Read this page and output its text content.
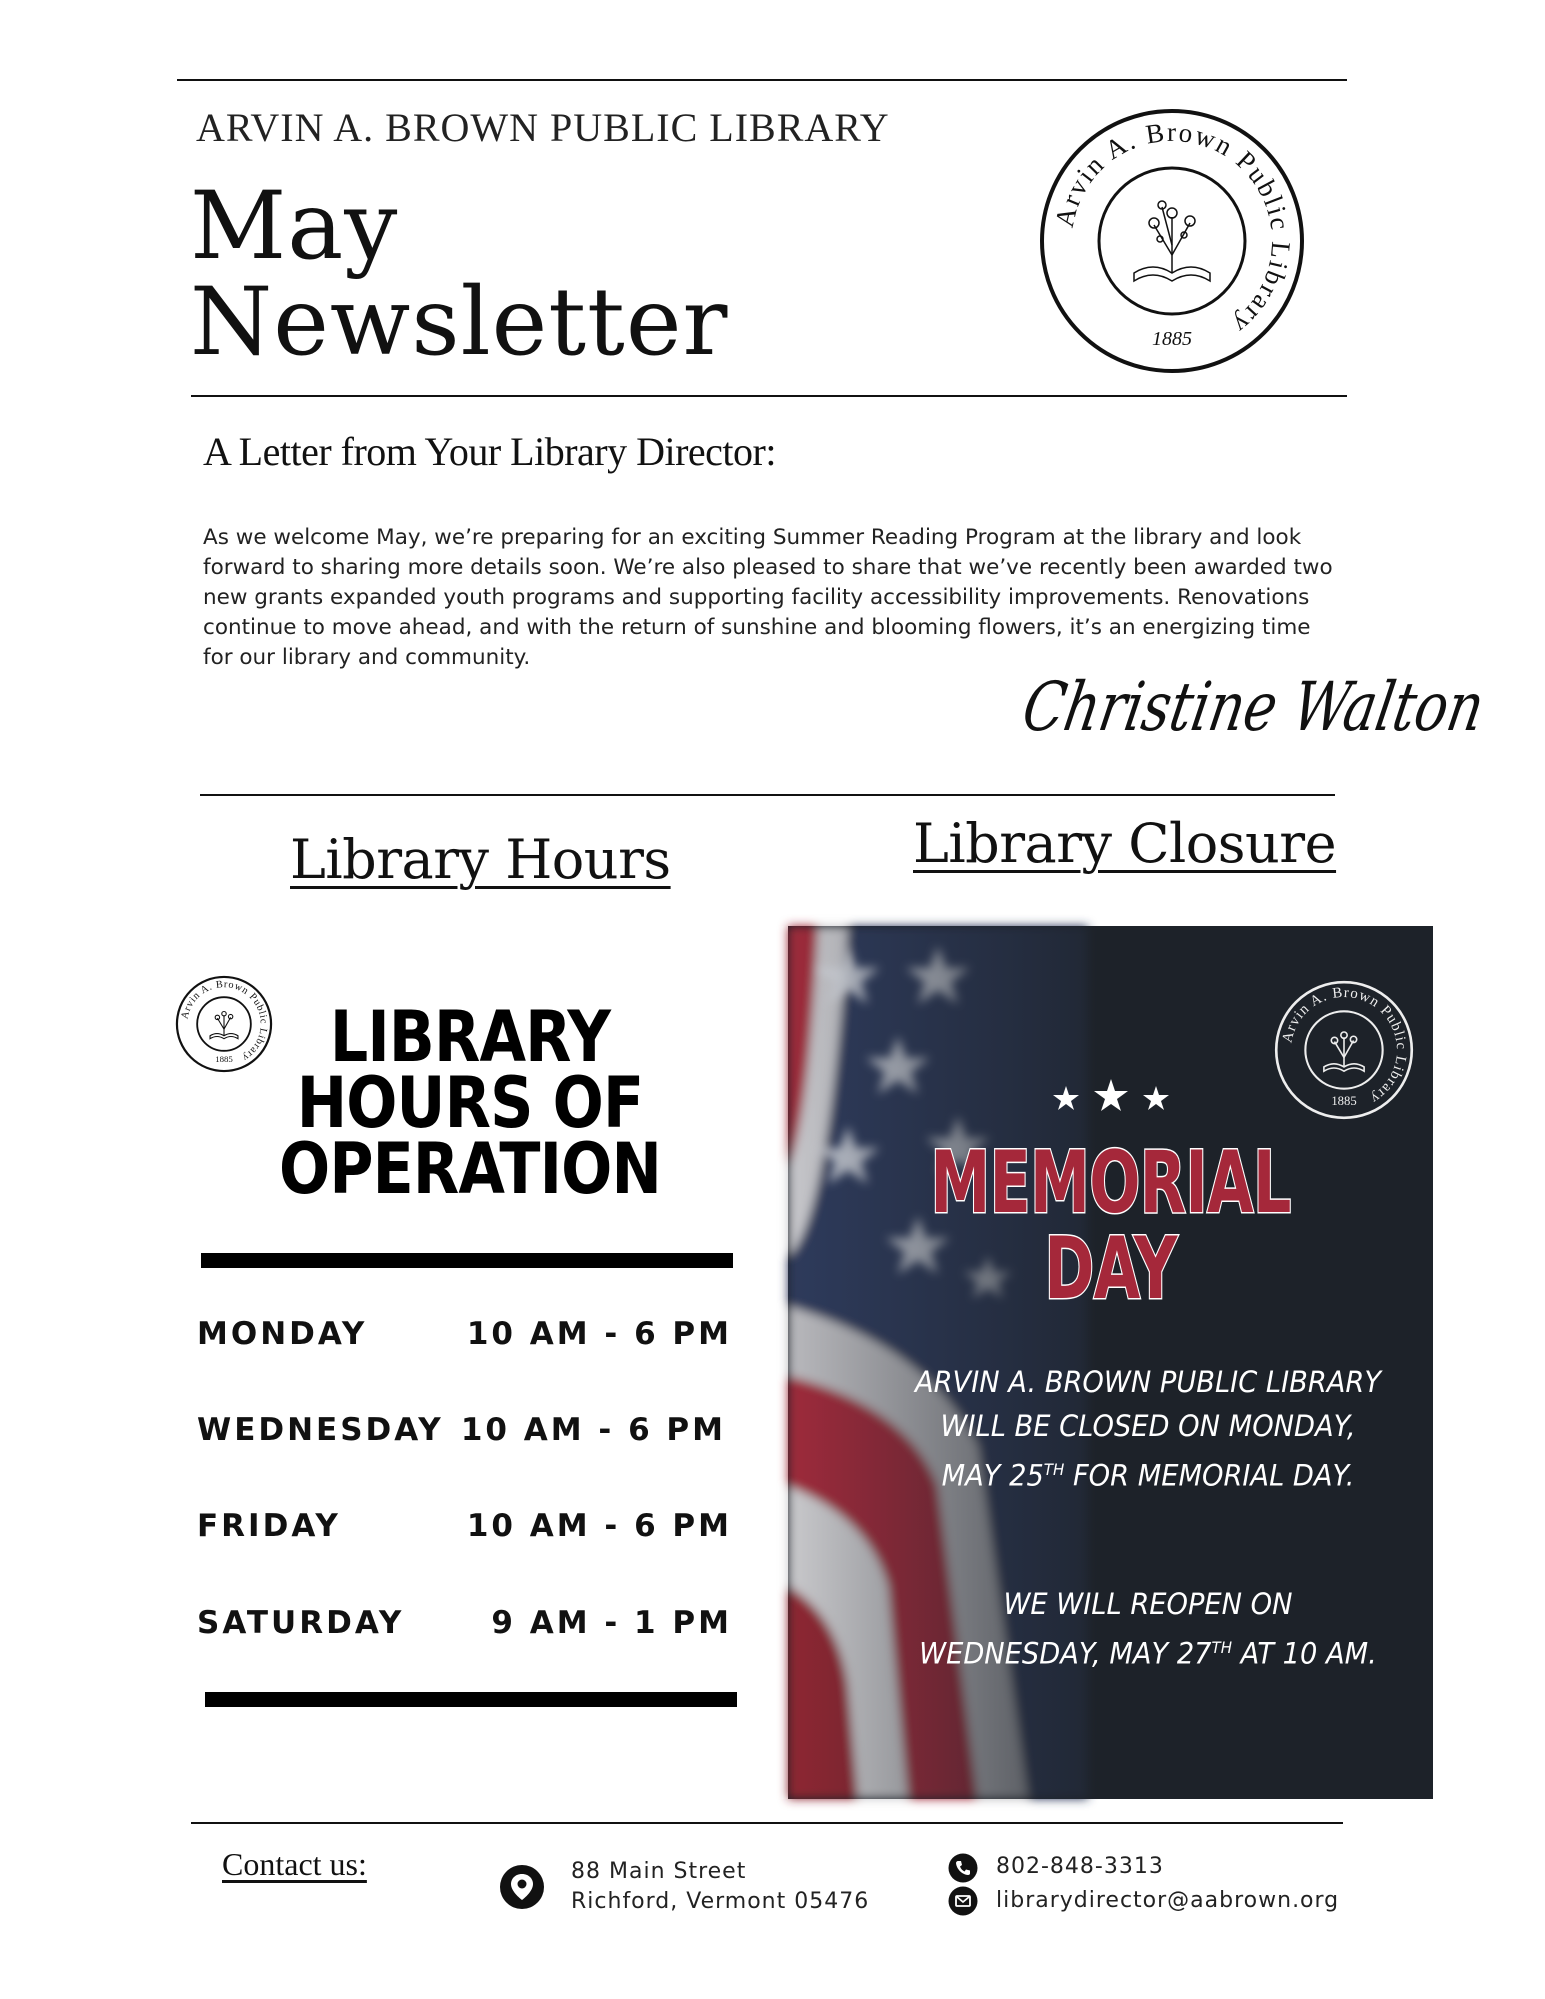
ARVIN A. BROWN PUBLIC LIBRARY
May
Newsletter
Arvin A. Brown Public Library
1885
A Letter from Your Library Director:
As we welcome May, we’re preparing for an exciting Summer Reading Program at the library and look forward to sharing more details soon. We’re also pleased to share that we’ve recently been awarded two new grants expanded youth programs and supporting facility accessibility improvements. Renovations continue to move ahead, and with the return of sunshine and blooming flowers, it’s an energizing time for our library and community.
Christine Walton
Library Hours	Library Closure
Arvin A. Brown Public Library
1885	LIBRARY
HOURS OF
OPERATION
MONDAY	10 AM - 6 PM
WEDNESDAY 10 AM - 6 PM
FRIDAY	10 AM - 6 PM
SATURDAY	9 AM - 1 PM
Arvin A. Brown Public Library
1885
MEMORIAL
DAY
ARVIN A. BROWN PUBLIC LIBRARY WILL BE CLOSED ON MONDAY, MAY 25TH FOR MEMORIAL DAY.
WE WILL REOPEN ON WEDNESDAY, MAY 27TH AT 10 AM.
Contact us:	88 Main Street
Richford, Vermont 05476
802-848-3313
librarydirector@aabrown.org
